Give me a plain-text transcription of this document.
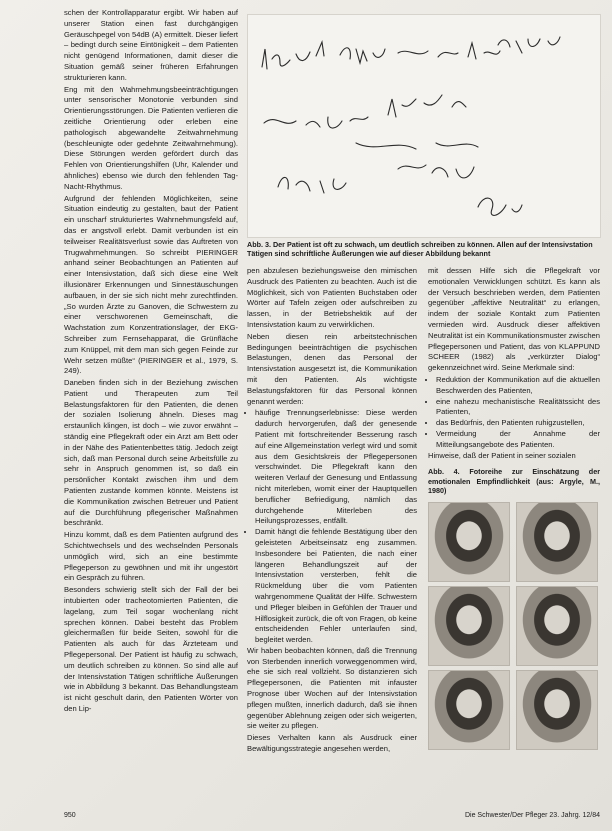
schen der Kontrollapparatur ergibt. Wir haben auf unserer Station einen fast durchgängigen Geräuschpegel von 54dB (A) ermittelt. Dieser liefert – bedingt durch seine Eintönigkeit – dem Patienten nicht genügend Informationen, damit dieser die Situation gemäß seiner früheren Erfahrungen strukturieren kann.

Eng mit den Wahrnehmungsbeeinträchtigungen unter sensorischer Monotonie verbunden sind Orientierungsstörungen. Die Patienten verlieren die zeitliche Orientierung oder erleben eine pathologisch abgewandelte Zeitwahrnehmung (beschleunigte oder gedehnte Zeitwahrnehmung). Diese Störungen werden gefördert durch das Fehlen von Orientierungshilfen (Uhr, Kalender und ähnliches) ebenso wie durch den fehlenden Tag-Nacht-Rhythmus.

Aufgrund der fehlenden Möglichkeiten, seine Situation eindeutig zu gestalten, baut der Patient ein unscharf strukturiertes Wahrnehmungsfeld auf, das er angstvoll erlebt. Damit verbunden ist ein teilweiser Realitätsverlust sowie das Auftreten von Trugwahrnehmungen. So schreibt PIERINGER anhand seiner Beobachtungen an Patienten auf einer Intensivstation, daß sich diese eine Welt illusionärer Erkennungen und Sinnestäuschungen aufbauen, in der sie sich nicht mehr zurechtfinden. „So wurden Ärzte zu Ganoven, die Schwestern zu einer verschworenen Gemeinschaft, die Wachstation zum Konzentrationslager, der EKG-Schreiber zum Fernsehapparat, die Grünfläche zum Knüppel, mit dem man sich gegen Feinde zur Wehr setzen müßte“ (PIERINGER et al., 1979, S. 249).

Daneben finden sich in der Beziehung zwischen Patient und Therapeuten zum Teil Belastungsfaktoren für den Patienten, die denen der sozialen Isolierung ähneln. Dieses mag erstaunlich klingen, ist doch – wie zuvor erwähnt – ständig eine Pflegekraft oder ein Arzt am Bett oder in der Nähe des Patientenbettes tätig. Jedoch zeigt sich, daß man Personal durch seine Arbeitsfülle zu sehr in Anspruch genommen ist, so daß ein persönlicher Kontakt zwischen ihm und dem Patienten zustande kommen könnte. Meistens ist die Kommunikation zwischen Betreuer und Patient auf die Durchführung pflegerischer Maßnahmen beschränkt.

Hinzu kommt, daß es dem Patienten aufgrund des Schichtwechsels und des wechselnden Personals unmöglich wird, sich an eine bestimmte Pflegeperson zu gewöhnen und mit ihr ungestört ein Gespräch zu führen.

Besonders schwierig stellt sich der Fall der bei intubierten oder tracheotomierten Patienten, die lagelang, zum Teil sogar wochenlang nicht sprechen können. Dabei besteht das Problem gleichermaßen für beide Seiten, sowohl für die Patienten als auch für das Ärzteteam und Pflegepersonal. Der Patient ist häufig zu schwach, um deutlich schreiben zu können. So sind alle auf der Intensivstation Tätigen schriftliche Äußerungen wie in Abbildung 3 bekannt. Das Behandlungsteam ist nicht geschult darin, den Patienten Wörter von den Lip-

Abb. 3. Der Patient ist oft zu schwach, um deutlich schreiben zu können. Allen auf der Intensivstation Tätigen sind schriftliche Äußerungen wie auf dieser Abbildung bekannt

pen abzulesen beziehungsweise den mimischen Ausdruck des Patienten zu beachten. Auch ist die Möglichkeit, sich von Patienten Buchstaben oder Wörter auf Tafeln zeigen oder aufschreiben zu lassen, in der Betriebshektik auf der Intensivstation kaum zu verwirklichen.

Neben diesen rein arbeitstechnischen Bedingungen beeinträchtigen die psychischen Belastungen, denen das Personal der Intensivstation ausgesetzt ist, die Kommunikation mit den Patienten. Als wichtigste Belastungsfaktoren für das Personal können genannt werden:

• häufige Trennungserlebnisse: Diese werden dadurch hervorgerufen, daß der genesende Patient mit fortschreitender Besserung rasch auf eine Allgemeinstation verlegt wird und somit aus dem Gesichtskreis der Pflegepersonen verschwindet. Die Pflegekraft kann den weiteren Verlauf der Genesung und Entlassung nicht miterleben, womit einer der Hauptquellen beruflicher Befriedigung, nämlich das durchgehende Miterleben des Heilungsprozesses, entfällt.
• Damit hängt die fehlende Bestätigung über den geleisteten Arbeitseinsatz eng zusammen. Insbesondere bei Patienten, die nach einer längeren Behandlungszeit auf der Intensivstation versterben, fehlt die Rückmeldung über die vom Patienten wahrgenommene Qualität der Hilfe. Schwestern und Pfleger bleiben in Gefühlen der Trauer und Hilflosigkeit zurück, die oft von Fragen, ob keine entscheidenden Fehler unterlaufen sind, begleitet werden.

Wir haben beobachten können, daß die Trennung von Sterbenden innerlich vorweggenommen wird, ehe sie sich real vollzieht. So distanzieren sich Pflegepersonen, die Patienten mit infauster Prognose über Wochen auf der Intensivstation pflegen mußten, innerlich dadurch, daß sie ihnen gegenüber Ablehnung zeigen oder sich weigerten, sie weiter zu pflegen.

Dieses Verhalten kann als Ausdruck einer Bewältigungsstrategie angesehen werden,

mit dessen Hilfe sich die Pflegekraft vor emotionalen Verwicklungen schützt. Es kann als der Versuch beschrieben werden, dem Patienten gegenüber „affektive Neutralität“ zu erlangen, indem der soziale Kontakt zum Patienten vermieden wird. Ausdruck dieser affektiven Neutralität ist ein Kommunikationsmuster zwischen Pflegepersonen und Patient, das von KLAPPUND SCHEER (1982) als „verkürzter Dialog“ gekennzeichnet wird. Seine Merkmale sind:

• Reduktion der Kommunikation auf die aktuellen Beschwerden des Patienten,
• eine nahezu mechanistische Realitätssicht des Patienten,
• das Bedürfnis, den Patienten ruhigzustellen,
• Vermeidung der Annahme der Mitteilungsangebote des Patienten.

Hinweise, daß der Patient in seiner sozialen

Abb. 4. Fotoreihe zur Einschätzung der emotionalen Empfindlichkeit (aus: Argyle, M., 1980)
950	Die Schwester/Der Pfleger 23. Jahrg. 12/84
